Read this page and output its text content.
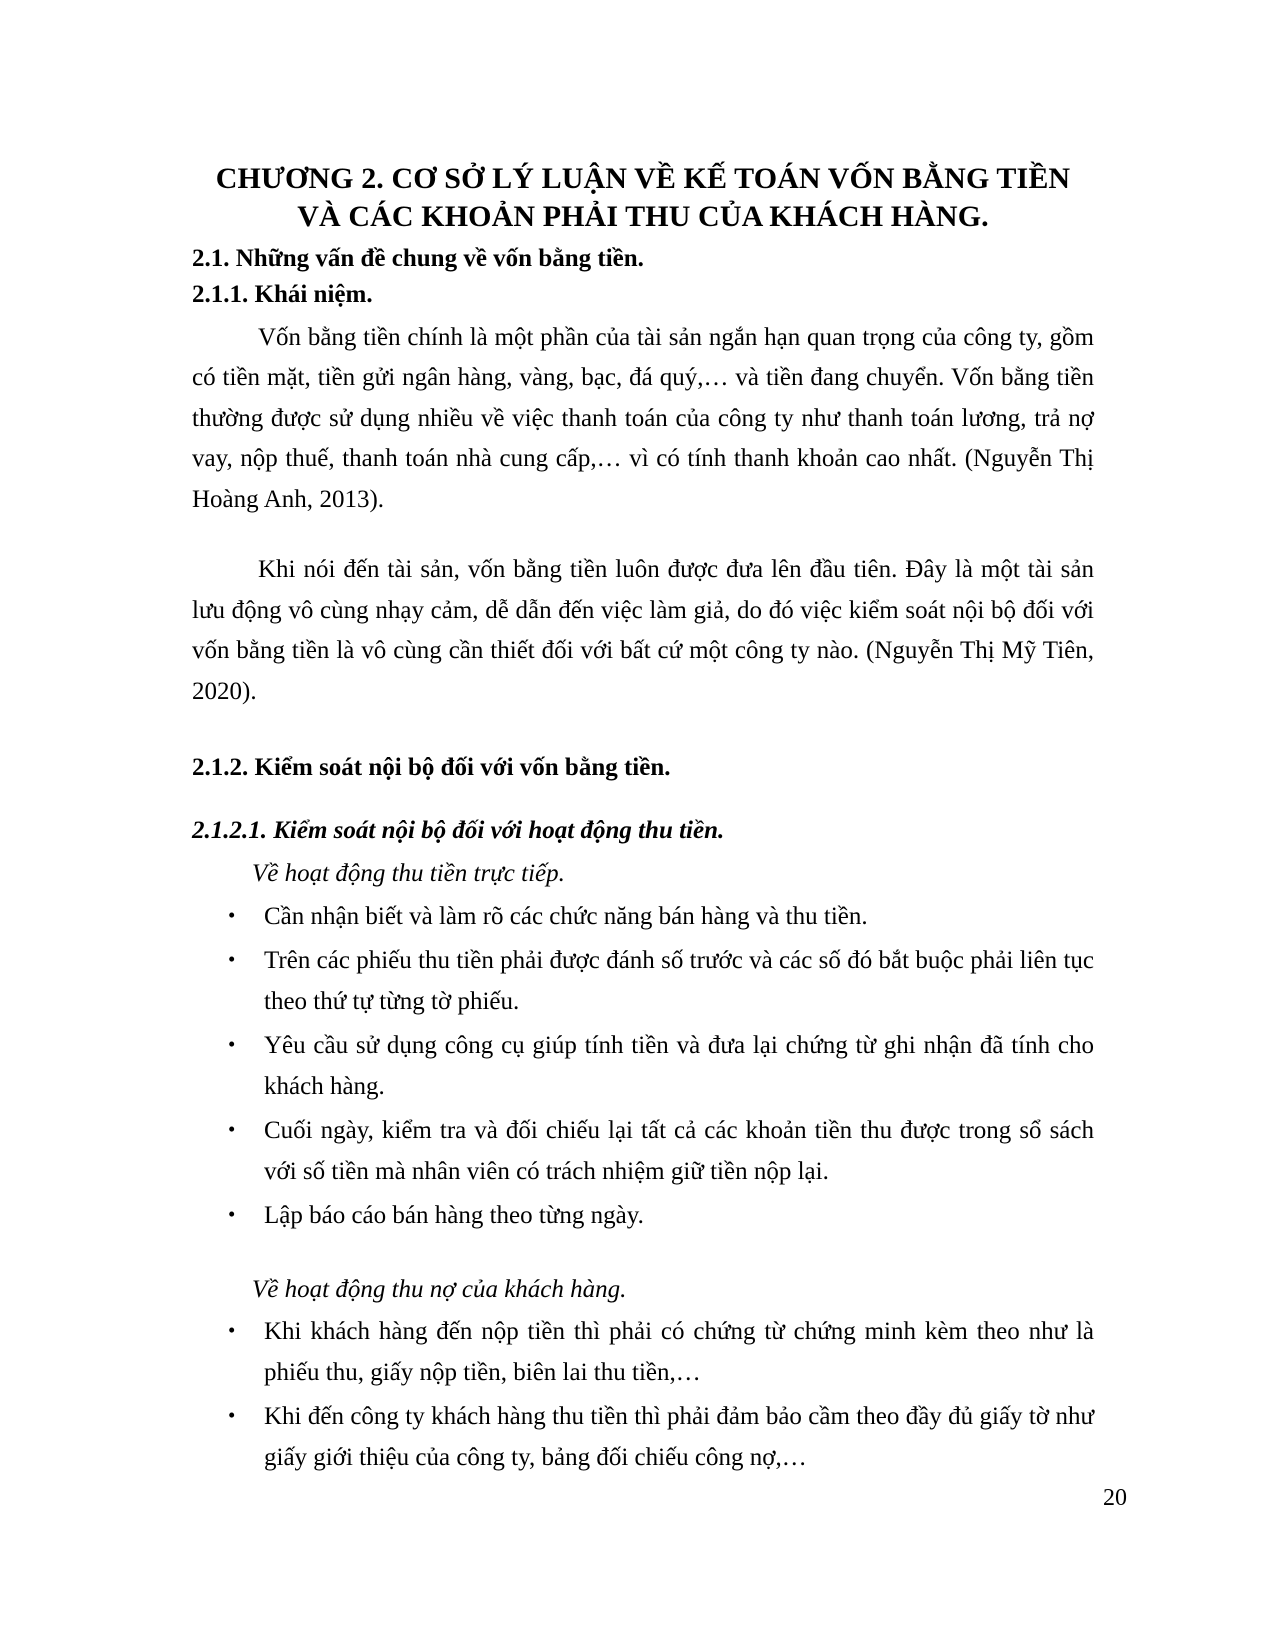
CHƯƠNG 2. CƠ SỞ LÝ LUẬN VỀ KẾ TOÁN VỐN BẰNG TIỀN
VÀ CÁC KHOẢN PHẢI THU CỦA KHÁCH HÀNG.
2.1. Những vấn đề chung về vốn bằng tiền.
2.1.1. Khái niệm.

Vốn bằng tiền chính là một phần của tài sản ngắn hạn quan trọng của công ty, gồm có tiền mặt, tiền gửi ngân hàng, vàng, bạc, đá quý,… và tiền đang chuyển. Vốn bằng tiền thường được sử dụng nhiều về việc thanh toán của công ty như thanh toán lương, trả nợ vay, nộp thuế, thanh toán nhà cung cấp,… vì có tính thanh khoản cao nhất. (Nguyễn Thị Hoàng Anh, 2013).

Khi nói đến tài sản, vốn bằng tiền luôn được đưa lên đầu tiên. Đây là một tài sản lưu động vô cùng nhạy cảm, dễ dẫn đến việc làm giả, do đó việc kiểm soát nội bộ đối với vốn bằng tiền là vô cùng cần thiết đối với bất cứ một công ty nào. (Nguyễn Thị Mỹ Tiên, 2020).

2.1.2. Kiểm soát nội bộ đối với vốn bằng tiền.
2.1.2.1. Kiểm soát nội bộ đối với hoạt động thu tiền.
Về hoạt động thu tiền trực tiếp.
• Cần nhận biết và làm rõ các chức năng bán hàng và thu tiền.
• Trên các phiếu thu tiền phải được đánh số trước và các số đó bắt buộc phải liên tục theo thứ tự từng tờ phiếu.
• Yêu cầu sử dụng công cụ giúp tính tiền và đưa lại chứng từ ghi nhận đã tính cho khách hàng.
• Cuối ngày, kiểm tra và đối chiếu lại tất cả các khoản tiền thu được trong sổ sách với số tiền mà nhân viên có trách nhiệm giữ tiền nộp lại.
• Lập báo cáo bán hàng theo từng ngày.
Về hoạt động thu nợ của khách hàng.
• Khi khách hàng đến nộp tiền thì phải có chứng từ chứng minh kèm theo như là phiếu thu, giấy nộp tiền, biên lai thu tiền,…
• Khi đến công ty khách hàng thu tiền thì phải đảm bảo cầm theo đầy đủ giấy tờ như giấy giới thiệu của công ty, bảng đối chiếu công nợ,…
20
